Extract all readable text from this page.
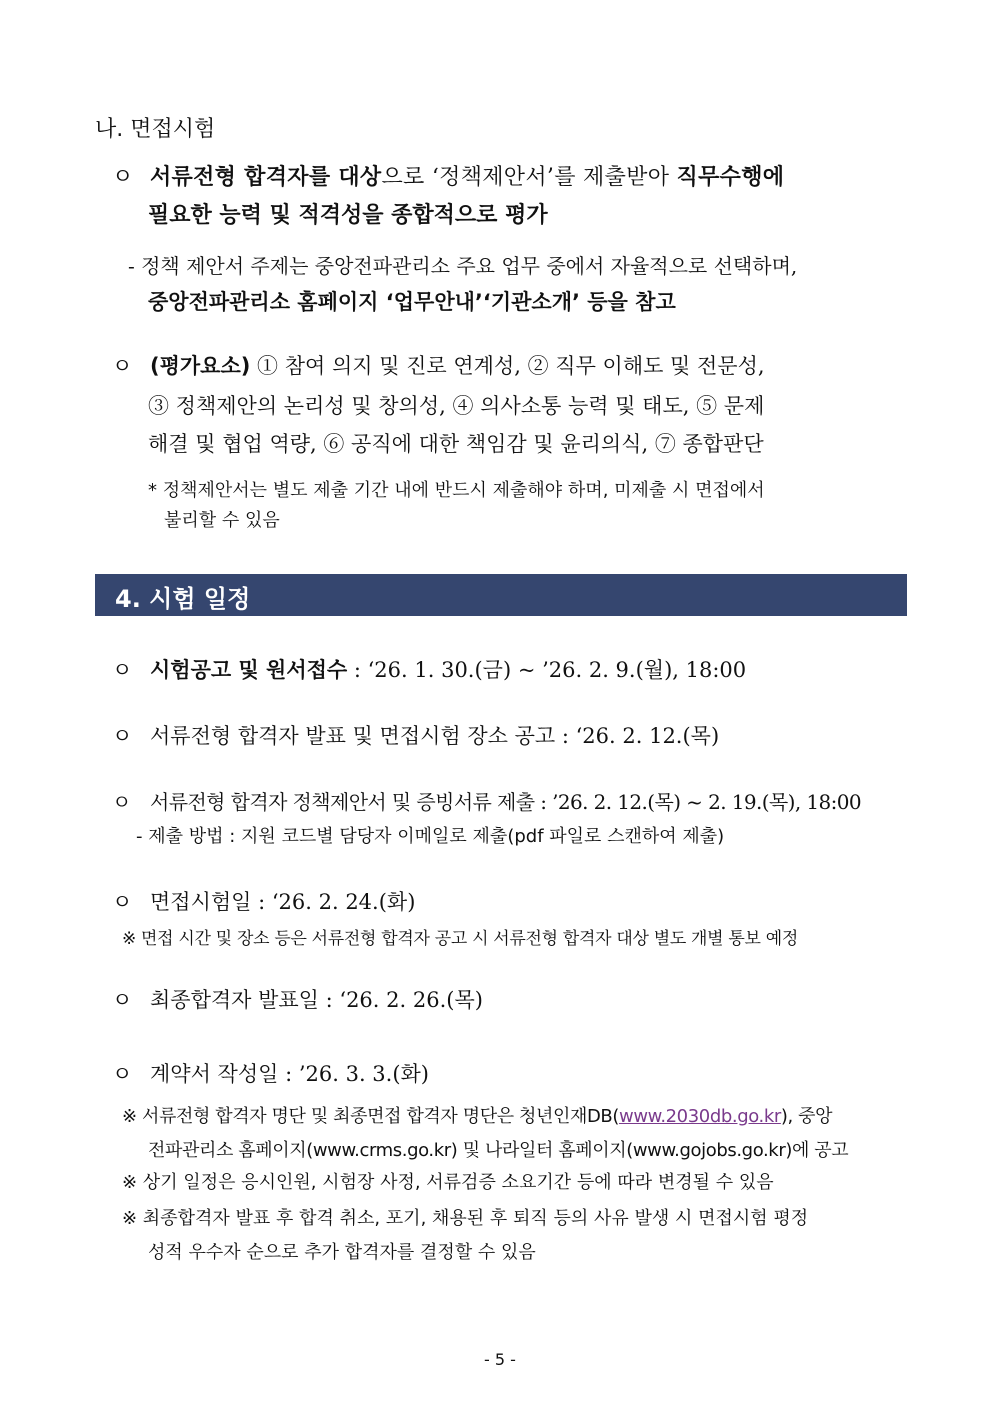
나. 면접시험
ㅇ 서류전형 합격자를 대상으로 ‘정책제안서’를 제출받아 직무수행에
필요한 능력 및 적격성을 종합적으로 평가
- 정책 제안서 주제는 중앙전파관리소 주요 업무 중에서 자율적으로 선택하며,
중앙전파관리소 홈페이지 ‘업무안내’‘기관소개’ 등을 참고
ㅇ (평가요소) ① 참여 의지 및 진로 연계성, ② 직무 이해도 및 전문성,
③ 정책제안의 논리성 및 창의성, ④ 의사소통 능력 및 태도, ⑤ 문제
해결 및 협업 역량, ⑥ 공직에 대한 책임감 및 윤리의식, ⑦ 종합판단
* 정책제안서는 별도 제출 기간 내에 반드시 제출해야 하며, 미제출 시 면접에서
불리할 수 있음
4. 시험 일정
ㅇ 시험공고 및 원서접수 : ‘26. 1. 30.(금) ~ ’26. 2. 9.(월), 18:00
ㅇ 서류전형 합격자 발표 및 면접시험 장소 공고 : ‘26. 2. 12.(목)
ㅇ 서류전형 합격자 정책제안서 및 증빙서류 제출 : ’26. 2. 12.(목) ~ 2. 19.(목), 18:00
- 제출 방법 : 지원 코드별 담당자 이메일로 제출(pdf 파일로 스캔하여 제출)
ㅇ 면접시험일 : ‘26. 2. 24.(화)
※ 면접 시간 및 장소 등은 서류전형 합격자 공고 시 서류전형 합격자 대상 별도 개별 통보 예정
ㅇ 최종합격자 발표일 : ‘26. 2. 26.(목)
ㅇ 계약서 작성일 : ’26. 3. 3.(화)
※ 서류전형 합격자 명단 및 최종면접 합격자 명단은 청년인재DB(www.2030db.go.kr), 중앙
전파관리소 홈페이지(www.crms.go.kr) 및 나라일터 홈페이지(www.gojobs.go.kr)에 공고
※ 상기 일정은 응시인원, 시험장 사정, 서류검증 소요기간 등에 따라 변경될 수 있음
※ 최종합격자 발표 후 합격 취소, 포기, 채용된 후 퇴직 등의 사유 발생 시 면접시험 평정
성적 우수자 순으로 추가 합격자를 결정할 수 있음
- 5 -
